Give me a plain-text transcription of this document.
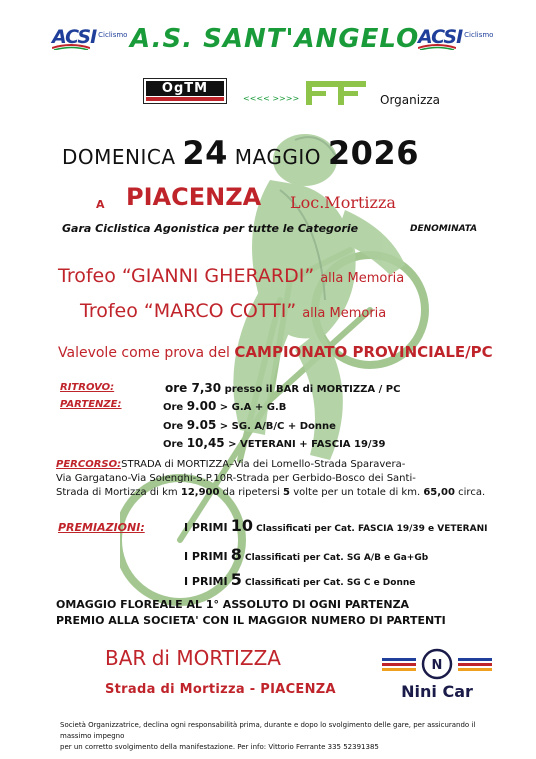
ACSI $^{Ciclismo}$ A.S. SANT'ANGELO
ACSI $^{Ciclismo}$
OgTM
<<<< >>>>	Organizza
DOMENICA 24 MAGGIO 2026
A PIACENZA Loc.Mortizza
Gara Ciclistica Agonistica per tutte le Categorie	DENOMINATA
Trofeo “GIANNI GHERARDI” alla Memoria
Trofeo “MARCO COTTI” alla Memoria
Valevole come prova del CAMPIONATO PROVINCIALE/PC
RITROVO:	ore 7,30 presso il BAR di MORTIZZA / PC
PARTENZE:	Ore 9.00 > G.A + G.B
Ore 9.05 > SG. A/B/C + Donne
Ore 10,45 > VETERANI + FASCIA 19/39
PERCORSO:STRADA di MORTIZZA–Via dei Lomello-Strada Sparavera-
Via Gargatano-Via Solenghi-S.P.10R-Strada per Gerbido-Bosco dei Santi-
Strada di Mortizza di km 12,900 da ripetersi 5 volte per un totale di km. 65,00 circa.
PREMIAZIONI:	I PRIMI 10 Classificati per Cat. FASCIA 19/39 e VETERANI
I PRIMI 8 Classificati per Cat. SG A/B e Ga+Gb
I PRIMI 5 Classificati per Cat. SG C e Donne
OMAGGIO FLOREALE AL 1° ASSOLUTO DI OGNI PARTENZA
PREMIO ALLA SOCIETA' CON IL MAGGIOR NUMERO DI PARTENTI
BAR di MORTIZZA
Strada di Mortizza - PIACENZA
N
Nini Car
Società Organizzatrice, declina ogni responsabilità prima, durante e dopo lo svolgimento delle gare, per assicurando il massimo impegno
per un corretto svolgimento della manifestazione. Per info: Vittorio Ferrante 335 52391385
